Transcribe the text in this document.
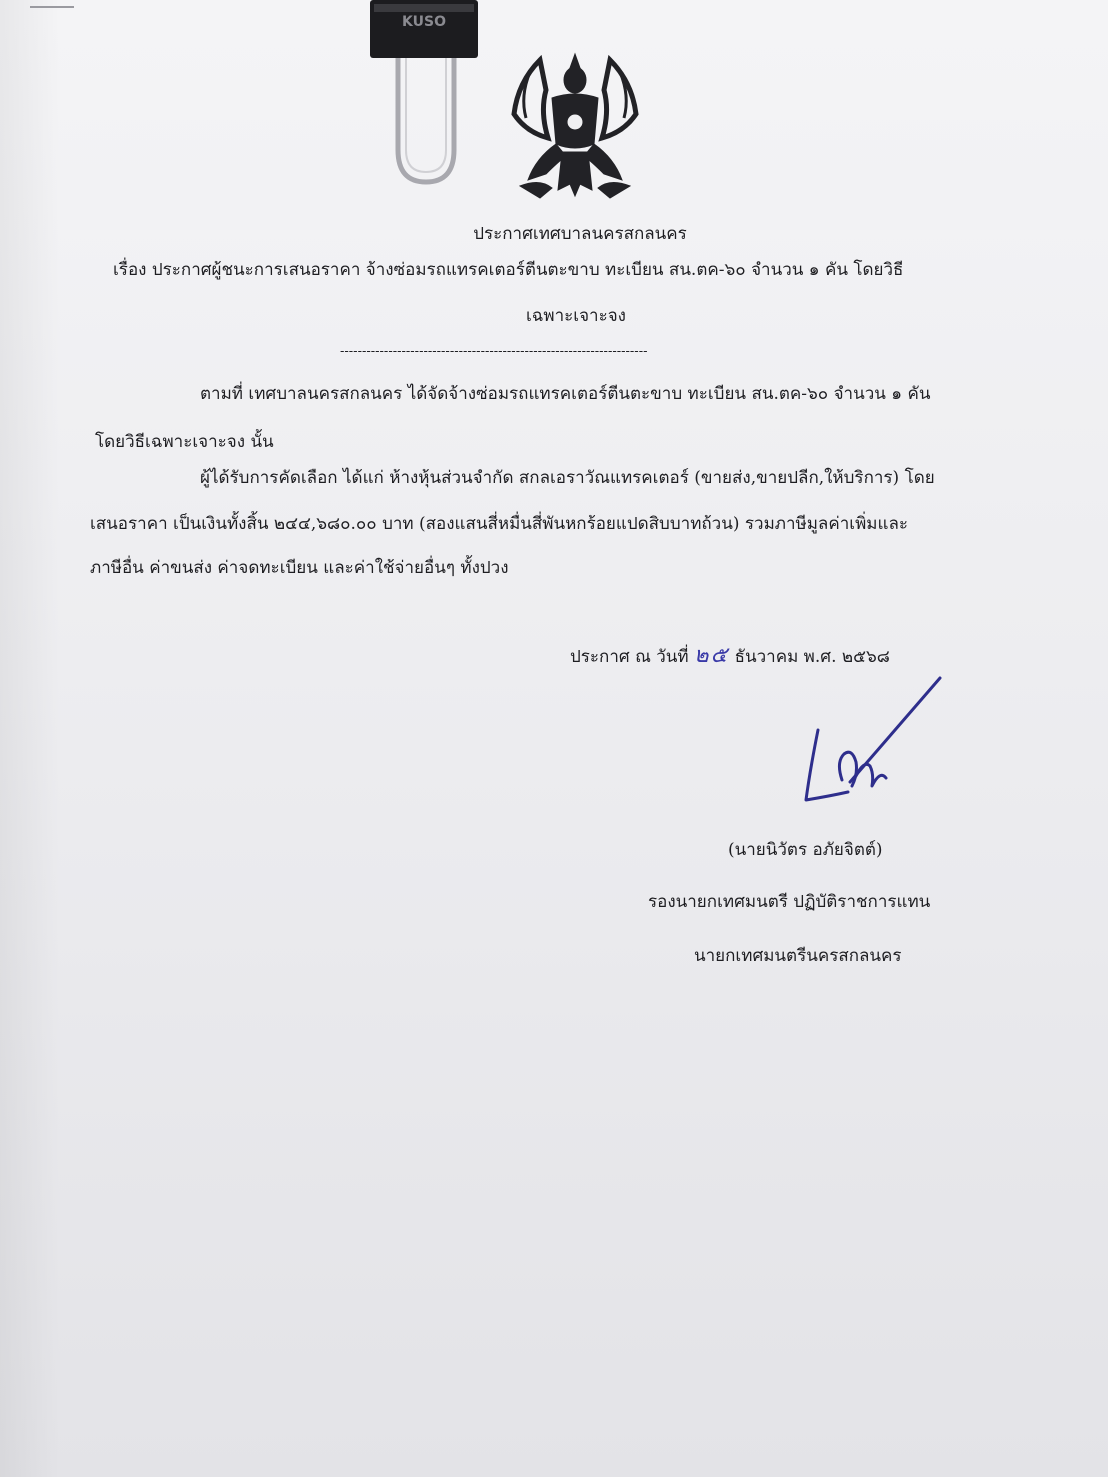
KUSO
ประกาศเทศบาลนครสกลนคร
เรื่อง ประกาศผู้ชนะการเสนอราคา จ้างซ่อมรถแทรคเตอร์ตีนตะขาบ ทะเบียน สน.ตค-๖๐ จำนวน ๑ คัน โดยวิธี
เฉพาะเจาะจง
----------------------------------------------------------------------
ตามที่ เทศบาลนครสกลนคร ได้จัดจ้างซ่อมรถแทรคเตอร์ตีนตะขาบ ทะเบียน สน.ตค-๖๐ จำนวน ๑ คัน
โดยวิธีเฉพาะเจาะจง นั้น
ผู้ได้รับการคัดเลือก ได้แก่ ห้างหุ้นส่วนจำกัด สกลเอราวัณแทรคเตอร์ (ขายส่ง,ขายปลีก,ให้บริการ) โดย
เสนอราคา เป็นเงินทั้งสิ้น ๒๔๔,๖๘๐.๐๐ บาท (สองแสนสี่หมื่นสี่พันหกร้อยแปดสิบบาทถ้วน) รวมภาษีมูลค่าเพิ่มและ
ภาษีอื่น ค่าขนส่ง ค่าจดทะเบียน และค่าใช้จ่ายอื่นๆ ทั้งปวง
ประกาศ ณ วันที่ ๒๕ ธันวาคม พ.ศ. ๒๕๖๘
(นายนิวัตร อภัยจิตต์)
รองนายกเทศมนตรี ปฏิบัติราชการแทน
นายกเทศมนตรีนครสกลนคร
